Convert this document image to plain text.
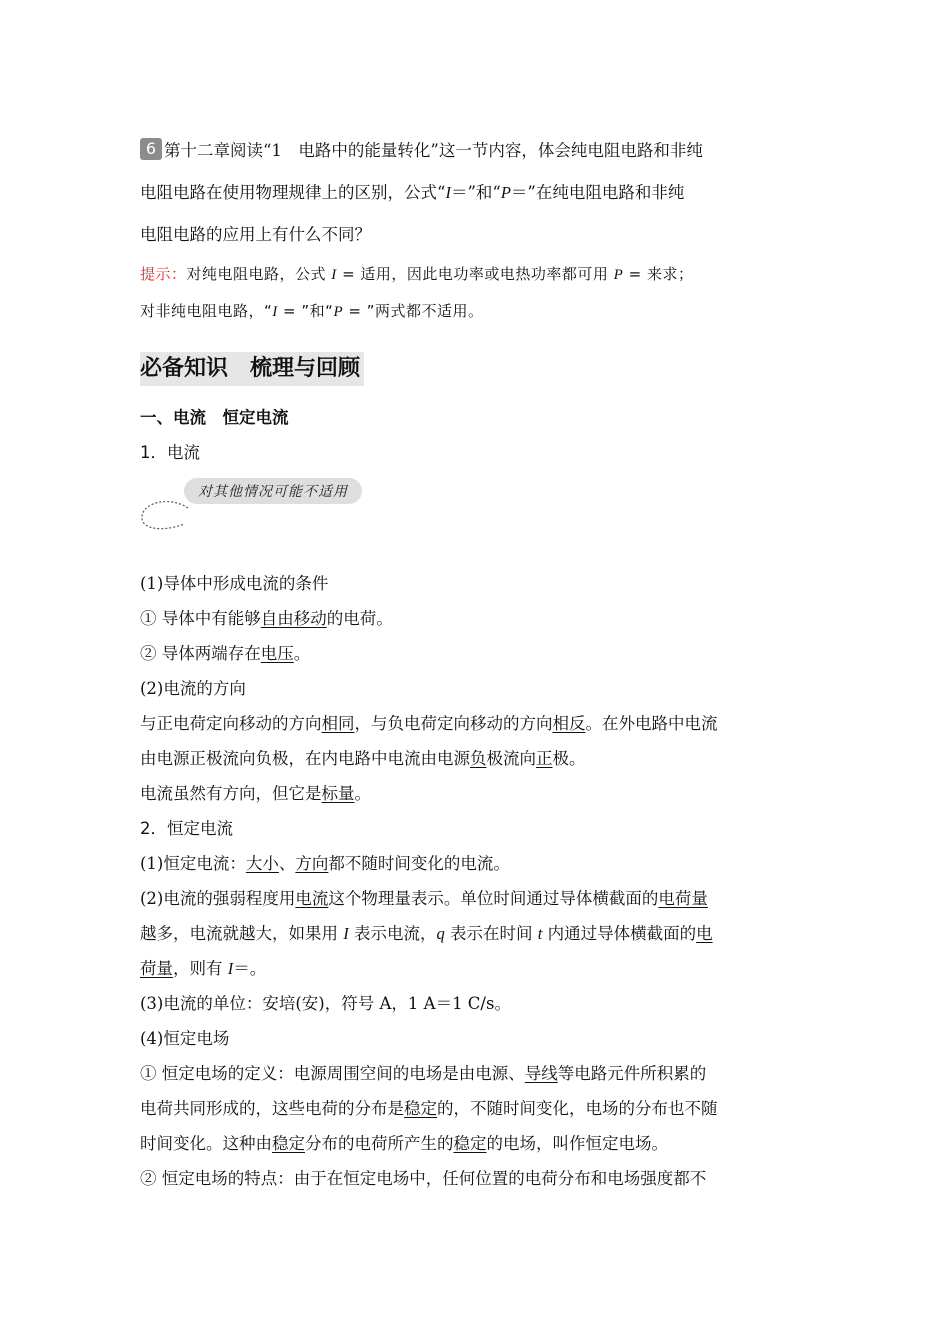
6 第十二章阅读“1　电路中的能量转化”这一节内容，体会纯电阻电路和非纯

电阻电路在使用物理规律上的区别，公式“I＝”和“P＝”在纯电阻电路和非纯

电阻电路的应用上有什么不同？

提示：对纯电阻电路，公式 I = 适用，因此电功率或电热功率都可用 P = 来求；

对非纯电阻电路，“I = ”和“P = ”两式都不适用。

必备知识　梳理与回顾

一、电流　恒定电流

1．电流

对其他情况可能不适用

(1)导体中形成电流的条件

① 导体中有能够自由移动的电荷。

② 导体两端存在电压。

(2)电流的方向

与正电荷定向移动的方向相同，与负电荷定向移动的方向相反。在外电路中电流

由电源正极流向负极，在内电路中电流由电源负极流向正极。

电流虽然有方向，但它是标量。

2．恒定电流

(1)恒定电流：大小、方向都不随时间变化的电流。

(2)电流的强弱程度用电流这个物理量表示。单位时间通过导体横截面的电荷量

越多，电流就越大，如果用 I 表示电流，q 表示在时间 t 内通过导体横截面的电

荷量，则有 I＝。

(3)电流的单位：安培(安)，符号 A，1 A＝1 C/s。

(4)恒定电场

① 恒定电场的定义：电源周围空间的电场是由电源、导线等电路元件所积累的

电荷共同形成的，这些电荷的分布是稳定的，不随时间变化，电场的分布也不随

时间变化。这种由稳定分布的电荷所产生的稳定的电场，叫作恒定电场。

② 恒定电场的特点：由于在恒定电场中，任何位置的电荷分布和电场强度都不
